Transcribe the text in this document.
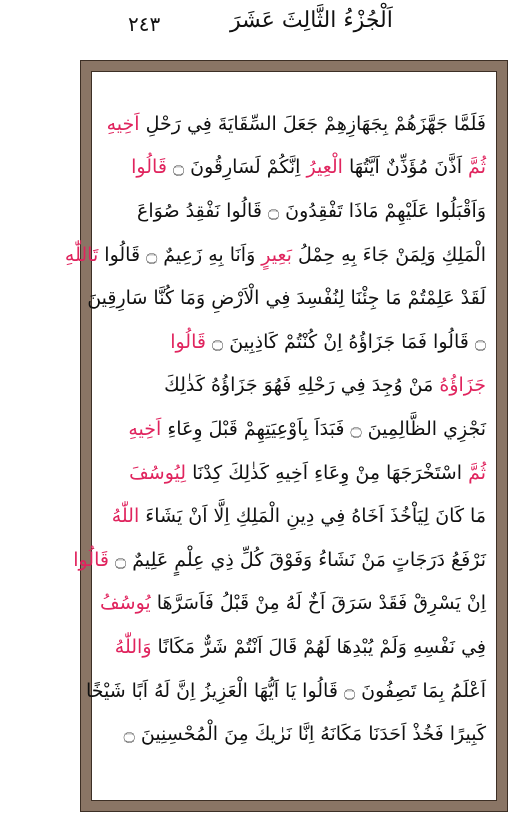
٢٤٣	اَلْجُزْءُ الثَّالِثَ عَشَرَ
فَلَمَّا جَهَّزَهُمْ بِجَهَازِهِمْ جَعَلَ السِّقَايَةَ فِي رَحْلِ
اَخِيهِ
ثُمَّ
اَذَّنَ مُؤَذِّنٌ اَيَّتُهَا
الْعِيرُ
اِنَّكُمْ لَسَارِقُونَ ۝
قَالُوا
وَاَقْبَلُوا عَلَيْهِمْ مَاذَا تَفْقِدُونَ ۝ قَالُوا نَفْقِدُ صُوَاعَ
الْمَلِكِ وَلِمَنْ جَاءَ بِهِ حِمْلُ
بَعِيرٍ
وَاَنَا بِهِ زَعِيمٌ ۝ قَالُوا
تَاللّٰهِ
لَقَدْ عَلِمْتُمْ مَا جِئْنَا لِنُفْسِدَ فِي الْاَرْضِ وَمَا كُنَّا سَارِقِينَ
۝ قَالُوا فَمَا جَزَاؤُهُ اِنْ كُنْتُمْ كَاذِبِينَ ۝
قَالُوا
جَزَاؤُهُ
مَنْ وُجِدَ فِي رَحْلِهِ فَهُوَ جَزَاؤُهُ كَذٰلِكَ
نَجْزِي الظَّالِمِينَ ۝ فَبَدَاَ بِاَوْعِيَتِهِمْ قَبْلَ وِعَاءِ
اَخِيهِ
ثُمَّ
اسْتَخْرَجَهَا مِنْ وِعَاءِ اَخِيهِ كَذٰلِكَ كِدْنَا
لِيُوسُفَ
مَا كَانَ لِيَاْخُذَ اَخَاهُ فِي دِينِ الْمَلِكِ اِلَّا اَنْ يَشَاءَ
اللّٰهُ
نَرْفَعُ دَرَجَاتٍ مَنْ نَشَاءُ وَفَوْقَ كُلِّ ذِي عِلْمٍ عَلِيمٌ ۝
قَالُوا
اِنْ يَسْرِقْ فَقَدْ سَرَقَ اَخٌ لَهُ مِنْ قَبْلُ فَاَسَرَّهَا
يُوسُفُ
فِي نَفْسِهِ وَلَمْ يُبْدِهَا لَهُمْ قَالَ اَنْتُمْ شَرٌّ مَكَانًا
وَاللّٰهُ
اَعْلَمُ بِمَا تَصِفُونَ ۝ قَالُوا يَا اَيُّهَا الْعَزِيزُ اِنَّ لَهُ اَبًا شَيْخًا
كَبِيرًا فَخُذْ اَحَدَنَا مَكَانَهُ اِنَّا نَرٰيكَ مِنَ الْمُحْسِنِينَ ۝
